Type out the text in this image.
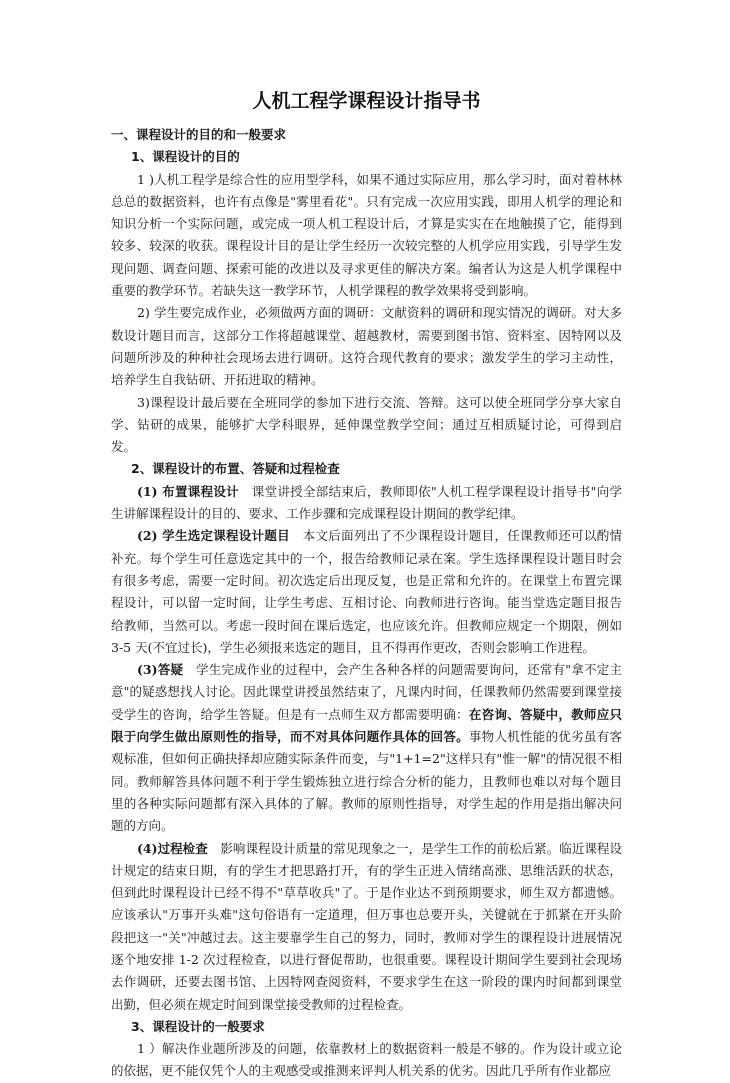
人机工程学课程设计指导书

一、课程设计的目的和一般要求

1、课程设计的目的

1 )人机工程学是综合性的应用型学科，如果不通过实际应用，那么学习时，面对着林林总总的数据资料，也许有点像是"雾里看花"。只有完成一次应用实践，即用人机学的理论和知识分析一个实际问题，或完成一项人机工程设计后，才算是实实在在地触摸了它，能得到较多、较深的收获。课程设计目的是让学生经历一次较完整的人机学应用实践，引导学生发现问题、调查问题、探索可能的改进以及寻求更佳的解决方案。编者认为这是人机学课程中重要的教学环节。若缺失这一教学环节，人机学课程的教学效果将受到影响。

2) 学生要完成作业，必须做两方面的调研：文献资料的调研和现实情况的调研。对大多数设计题目而言，这部分工作将超越课堂、超越教材，需要到图书馆、资料室、因特网以及问题所涉及的种种社会现场去进行调研。这符合现代教育的要求；激发学生的学习主动性，培养学生自我钻研、开拓进取的精神。

3)课程设计最后要在全班同学的参加下进行交流、答辩。这可以使全班同学分享大家自学、钻研的成果，能够扩大学科眼界，延伸课堂教学空间；通过互相质疑讨论，可得到启发。

2、课程设计的布置、答疑和过程检查

(1) 布置课程设计　课堂讲授全部结束后，教师即依"人机工程学课程设计指导书"向学生讲解课程设计的目的、要求、工作步骤和完成课程设计期间的教学纪律。

(2) 学生选定课程设计题目　本文后面列出了不少课程设计题目，任课教师还可以酌情补充。每个学生可任意选定其中的一个，报告给教师记录在案。学生选择课程设计题目时会有很多考虑，需要一定时间。初次选定后出现反复，也是正常和允许的。在课堂上布置完课程设计，可以留一定时间，让学生考虑、互相讨论、向教师进行咨询。能当堂选定题目报告给教师，当然可以。考虑一段时间在课后选定，也应该允许。但教师应规定一个期限，例如3-5 天(不宜过长)，学生必须报来选定的题目，且不得再作更改，否则会影响工作进程。

(3)答疑　学生完成作业的过程中，会产生各种各样的问题需要询问，还常有"拿不定主意"的疑惑想找人讨论。因此课堂讲授虽然结束了，凡课内时间，任课教师仍然需要到课堂接受学生的咨询，给学生答疑。但是有一点师生双方都需要明确：在咨询、答疑中，教师应只限于向学生做出原则性的指导，而不对具体问题作具体的回答。事物人机性能的优劣虽有客观标准，但如何正确抉择却应随实际条件而变，与"1+1=2"这样只有"惟一解"的情况很不相同。教师解答具体问题不利于学生锻炼独立进行综合分析的能力，且教师也难以对每个题目里的各种实际问题都有深入具体的了解。教师的原则性指导，对学生起的作用是指出解决问题的方向。

(4)过程检查　影响课程设计质量的常见现象之一，是学生工作的前松后紧。临近课程设计规定的结束日期，有的学生才把思路打开，有的学生正进入情绪高涨、思维活跃的状态，但到此时课程设计已经不得不"草草收兵"了。于是作业达不到预期要求，师生双方都遗憾。应该承认"万事开头难"这句俗语有一定道理，但万事也总要开头，关键就在于抓紧在开头阶段把这一"关"冲越过去。这主要靠学生自己的努力，同时，教师对学生的课程设计进展情况逐个地安排 1-2 次过程检查，以进行督促帮助，也很重要。课程设计期间学生要到社会现场去作调研，还要去图书馆、上因特网查阅资料，不要求学生在这一阶段的课内时间都到课堂出勤，但必须在规定时间到课堂接受教师的过程检查。

3、课程设计的一般要求

1 ）解决作业题所涉及的问题，依靠教材上的数据资料一般是不够的。作为设计或立论的依据，更不能仅凭个人的主观感受或推测来评判人机关系的优劣。因此几乎所有作业都应
